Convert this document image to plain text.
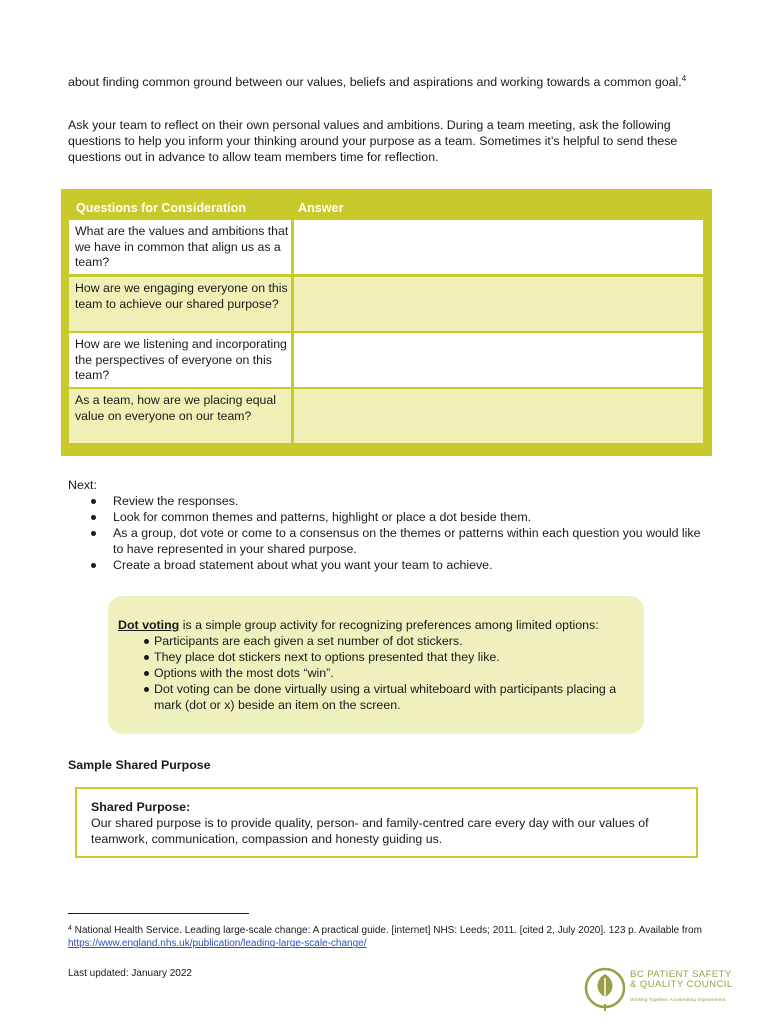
about finding common ground between our values, beliefs and aspirations and working towards a common goal.$^4$

Ask your team to reflect on their own personal values and ambitions. During a team meeting, ask the following questions to help you inform your thinking around your purpose as a team. Sometimes it’s helpful to send these questions out in advance to allow team members time for reflection.

Questions for Consideration	Answer
What are the values and ambitions that we have in common that align us as a team?
How are we engaging everyone on this team to achieve our shared purpose?
How are we listening and incorporating the perspectives of everyone on this team?
As a team, how are we placing equal value on everyone on our team?

Next:

Review the responses.
Look for common themes and patterns, highlight or place a dot beside them.
As a group, dot vote or come to a consensus on the themes or patterns within each question you would like to have represented in your shared purpose.
Create a broad statement about what you want your team to achieve.

Dot voting is a simple group activity for recognizing preferences among limited options:

Participants are each given a set number of dot stickers.
They place dot stickers next to options presented that they like.
Options with the most dots “win”.
Dot voting can be done virtually using a virtual whiteboard with participants placing a mark (dot or x) beside an item on the screen.

Sample Shared Purpose

Shared Purpose:

Our shared purpose is to provide quality, person- and family-centred care every day with our values of teamwork, communication, compassion and honesty guiding us.

$^4$ National Health Service. Leading large-scale change: A practical guide. [internet] NHS: Leeds; 2011. [cited 2, July 2020]. 123 p. Available from https://www.england.nhs.uk/publication/leading-large-scale-change/

Last updated: January 2022	BC PATIENT SAFETY
& QUALITY COUNCIL
Working Together. Accelerating Improvement.
